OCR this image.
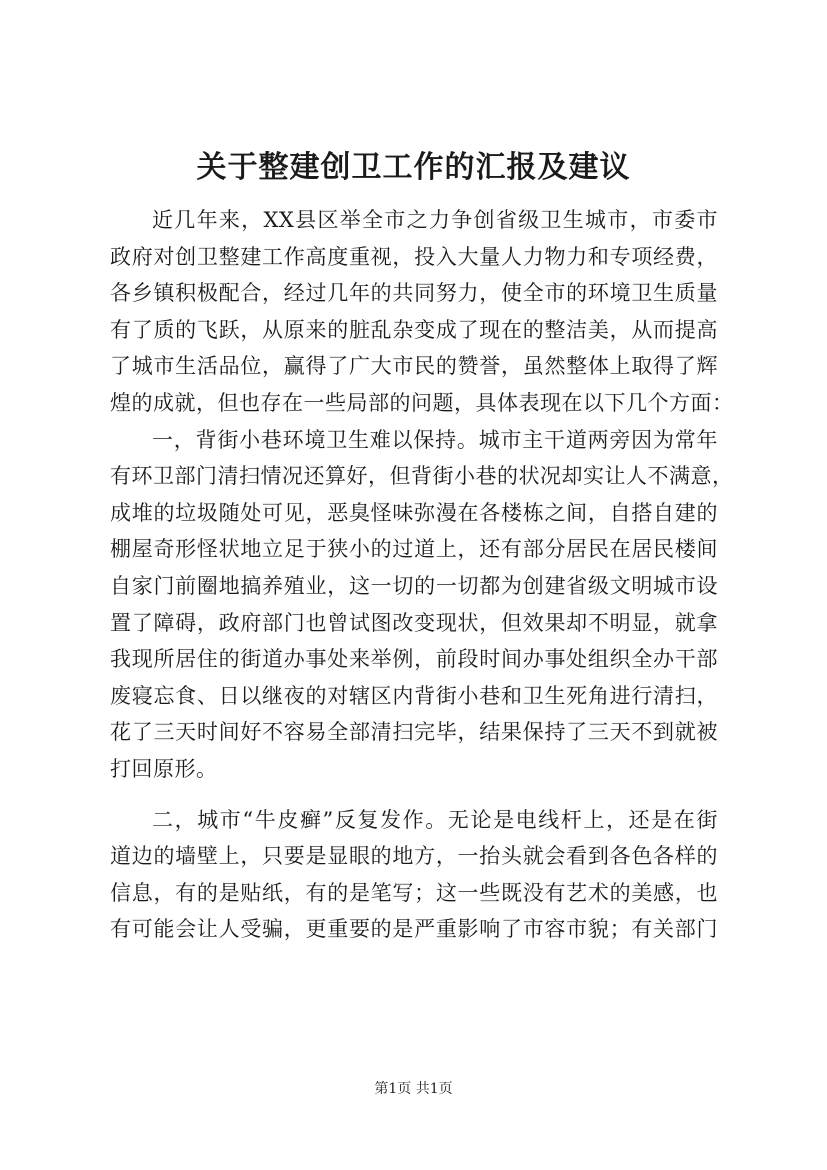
关于整建创卫工作的汇报及建议

近几年来，XX县区举全市之力争创省级卫生城市，市委市
政府对创卫整建工作高度重视，投入大量人力物力和专项经费，
各乡镇积极配合，经过几年的共同努力，使全市的环境卫生质量
有了质的飞跃，从原来的脏乱杂变成了现在的整洁美，从而提高
了城市生活品位，赢得了广大市民的赞誉，虽然整体上取得了辉
煌的成就，但也存在一些局部的问题，具体表现在以下几个方面：

一，背街小巷环境卫生难以保持。城市主干道两旁因为常年
有环卫部门清扫情况还算好，但背街小巷的状况却实让人不满意，
成堆的垃圾随处可见，恶臭怪味弥漫在各楼栋之间，自搭自建的
棚屋奇形怪状地立足于狭小的过道上，还有部分居民在居民楼间
自家门前圈地搞养殖业，这一切的一切都为创建省级文明城市设
置了障碍，政府部门也曾试图改变现状，但效果却不明显，就拿
我现所居住的街道办事处来举例，前段时间办事处组织全办干部
废寝忘食、日以继夜的对辖区内背街小巷和卫生死角进行清扫，
花了三天时间好不容易全部清扫完毕，结果保持了三天不到就被
打回原形。

二，城市“牛皮癣”反复发作。无论是电线杆上，还是在街
道边的墙壁上，只要是显眼的地方，一抬头就会看到各色各样的
信息，有的是贴纸，有的是笔写；这一些既没有艺术的美感，也
有可能会让人受骗，更重要的是严重影响了市容市貌；有关部门

第1页 共1页
